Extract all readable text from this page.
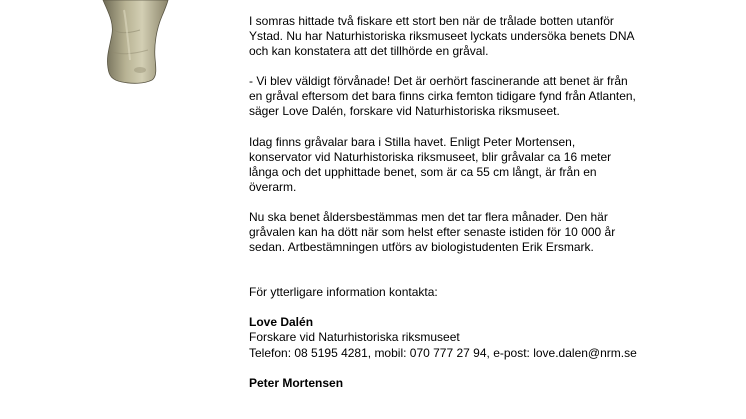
I somras hittade två fiskare ett stort ben när de trålade botten utanför
Ystad. Nu har Naturhistoriska riksmuseet lyckats undersöka benets DNA
och kan konstatera att det tillhörde en gråval.

- Vi blev väldigt förvånade! Det är oerhört fascinerande att benet är från
en gråval eftersom det bara finns cirka femton tidigare fynd från Atlanten,
säger Love Dalén, forskare vid Naturhistoriska riksmuseet.

Idag finns gråvalar bara i Stilla havet. Enligt Peter Mortensen,
konservator vid Naturhistoriska riksmuseet, blir gråvalar ca 16 meter
långa och det upphittade benet, som är ca 55 cm långt, är från en
överarm.

Nu ska benet åldersbestämmas men det tar flera månader. Den här
gråvalen kan ha dött när som helst efter senaste istiden för 10 000 år
sedan. Artbestämningen utförs av biologistudenten Erik Ersmark.

För ytterligare information kontakta:

Love Dalén

Forskare vid Naturhistoriska riksmuseet

Telefon: 08 5195 4281, mobil: 070 777 27 94, e-post: love.dalen@nrm.se

Peter Mortensen
